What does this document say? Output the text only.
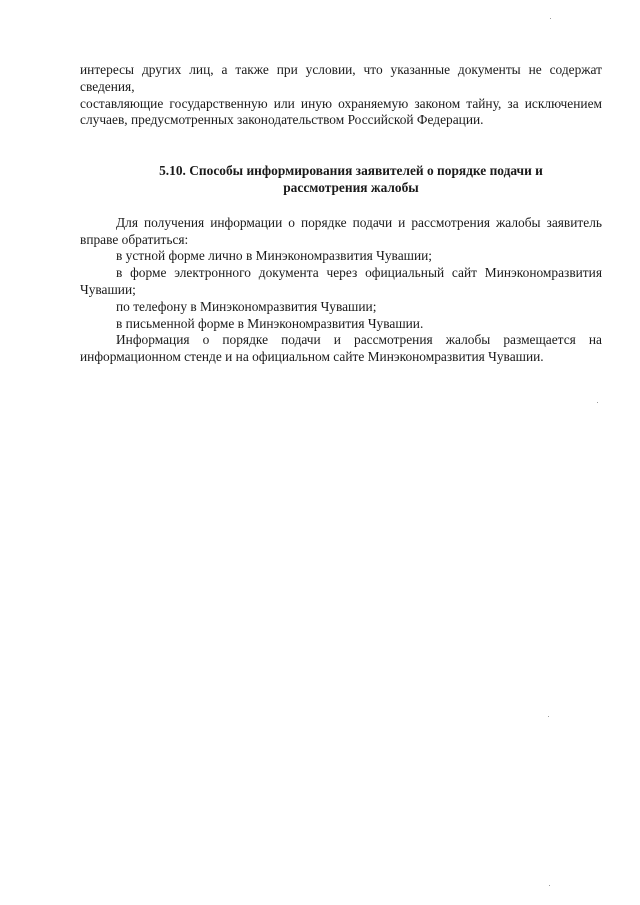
интересы других лиц, а также при условии, что указанные документы не содержат сведения,

составляющие государственную или иную охраняемую законом тайну, за исключением

случаев, предусмотренных законодательством Российской Федерации.

5.10. Способы информирования заявителей о порядке подачи и рассмотрения жалобы

Для получения информации о порядке подачи и рассмотрения жалобы заявитель вправе обратиться:

в устной форме лично в Минэкономразвития Чувашии;

в форме электронного документа через официальный сайт Минэкономразвития Чувашии;

по телефону в Минэкономразвития Чувашии;

в письменной форме в Минэкономразвития Чувашии.

Информация о порядке подачи и рассмотрения жалобы размещается на информационном стенде и на официальном сайте Минэкономразвития Чувашии.
